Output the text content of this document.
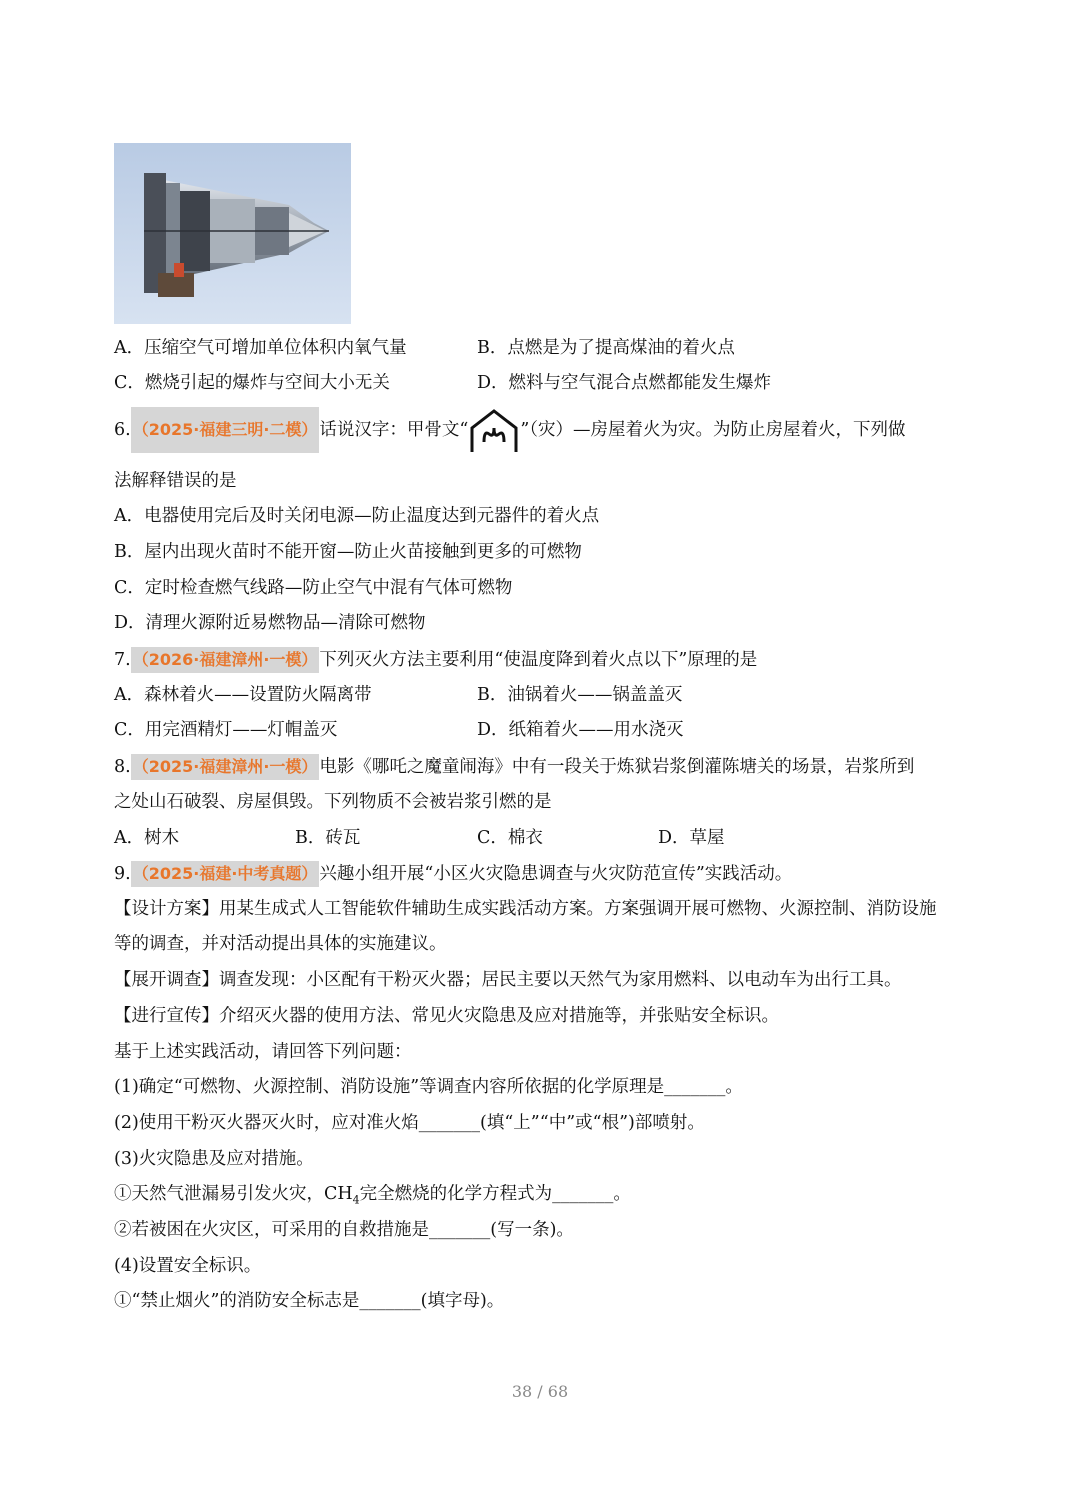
A．压缩空气可增加单位体积内氧气量	B．点燃是为了提高煤油的着火点
C．燃烧引起的爆炸与空间大小无关	D．燃料与空气混合点燃都能发生爆炸
6. （2025·福建三明·二模） 话说汉字：甲骨文“	”（灾）—房屋着火为灾。为防止房屋着火，下列做
法解释错误的是
A．电器使用完后及时关闭电源—防止温度达到元器件的着火点
B．屋内出现火苗时不能开窗—防止火苗接触到更多的可燃物
C．定时检查燃气线路—防止空气中混有气体可燃物
D．清理火源附近易燃物品—清除可燃物
7. （2026·福建漳州·一模） 下列灭火方法主要利用“使温度降到着火点以下”原理的是
A．森林着火——设置防火隔离带	B．油锅着火——锅盖盖灭
C．用完酒精灯——灯帽盖灭	D．纸箱着火——用水浇灭
8. （2025·福建漳州·一模） 电影《哪吒之魔童闹海》中有一段关于炼狱岩浆倒灌陈塘关的场景，岩浆所到
之处山石破裂、房屋俱毁。下列物质不会被岩浆引燃的是
A．树木	B．砖瓦	C．棉衣	D．草屋
9. （2025·福建·中考真题） 兴趣小组开展“小区火灾隐患调查与火灾防范宣传”实践活动。
【设计方案】用某生成式人工智能软件辅助生成实践活动方案。方案强调开展可燃物、火源控制、消防设施
等的调查，并对活动提出具体的实施建议。
【展开调查】调查发现：小区配有干粉灭火器；居民主要以天然气为家用燃料、以电动车为出行工具。
【进行宣传】介绍灭火器的使用方法、常见火灾隐患及应对措施等，并张贴安全标识。
基于上述实践活动，请回答下列问题：
(1)确定“可燃物、火源控制、消防设施”等调查内容所依据的化学原理是_______。
(2)使用干粉灭火器灭火时，应对准火焰_______(填“上”“中”或“根”)部喷射。
(3)火灾隐患及应对措施。
①天然气泄漏易引发火灾，$CH_4$完全燃烧的化学方程式为_______。
②若被困在火灾区，可采用的自救措施是_______(写一条)。
(4)设置安全标识。
①“禁止烟火”的消防安全标志是_______(填字母)。
38 / 68
